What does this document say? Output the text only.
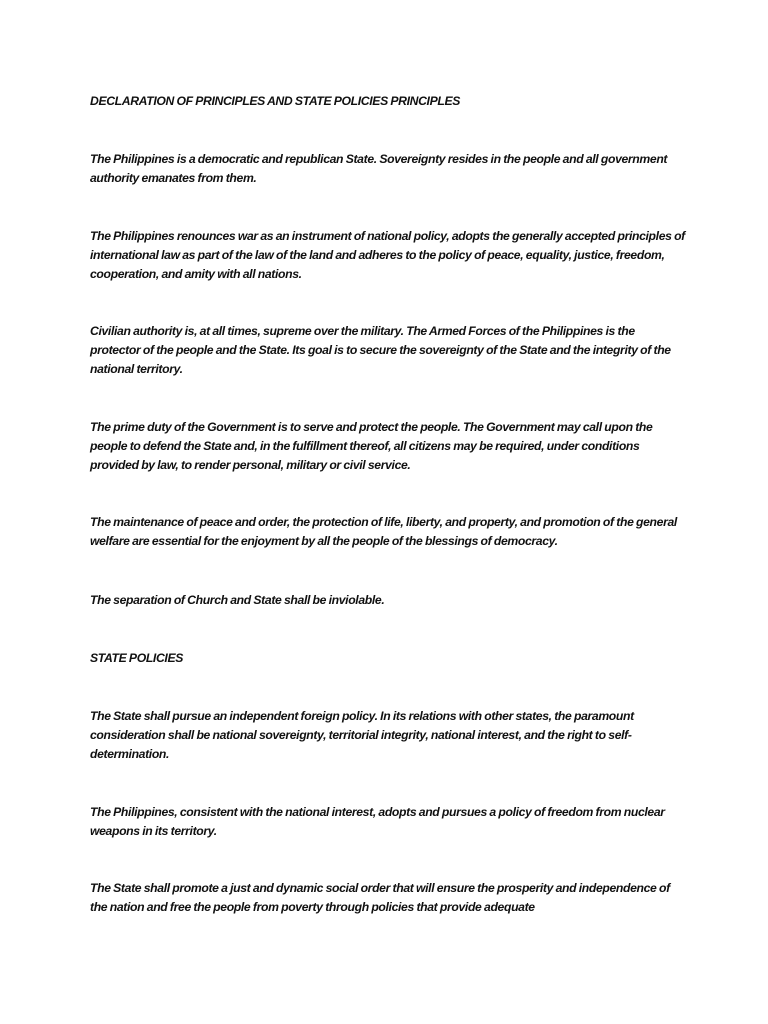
DECLARATION OF PRINCIPLES AND STATE POLICIES PRINCIPLES

The Philippines is a democratic and republican State. Sovereignty resides in the people and all government authority emanates from them.

The Philippines renounces war as an instrument of national policy, adopts the generally accepted principles of international law as part of the law of the land and adheres to the policy of peace, equality, justice, freedom, cooperation, and amity with all nations.

Civilian authority is, at all times, supreme over the military. The Armed Forces of the Philippines is the protector of the people and the State. Its goal is to secure the sovereignty of the State and the integrity of the national territory.

The prime duty of the Government is to serve and protect the people. The Government may call upon the people to defend the State and, in the fulfillment thereof, all citizens may be required, under conditions provided by law, to render personal, military or civil service.

The maintenance of peace and order, the protection of life, liberty, and property, and promotion of the general welfare are essential for the enjoyment by all the people of the blessings of democracy.

The separation of Church and State shall be inviolable.

STATE POLICIES

The State shall pursue an independent foreign policy. In its relations with other states, the paramount consideration shall be national sovereignty, territorial integrity, national interest, and the right to self-determination.

The Philippines, consistent with the national interest, adopts and pursues a policy of freedom from nuclear weapons in its territory.

The State shall promote a just and dynamic social order that will ensure the prosperity and independence of the nation and free the people from poverty through policies that provide adequate
